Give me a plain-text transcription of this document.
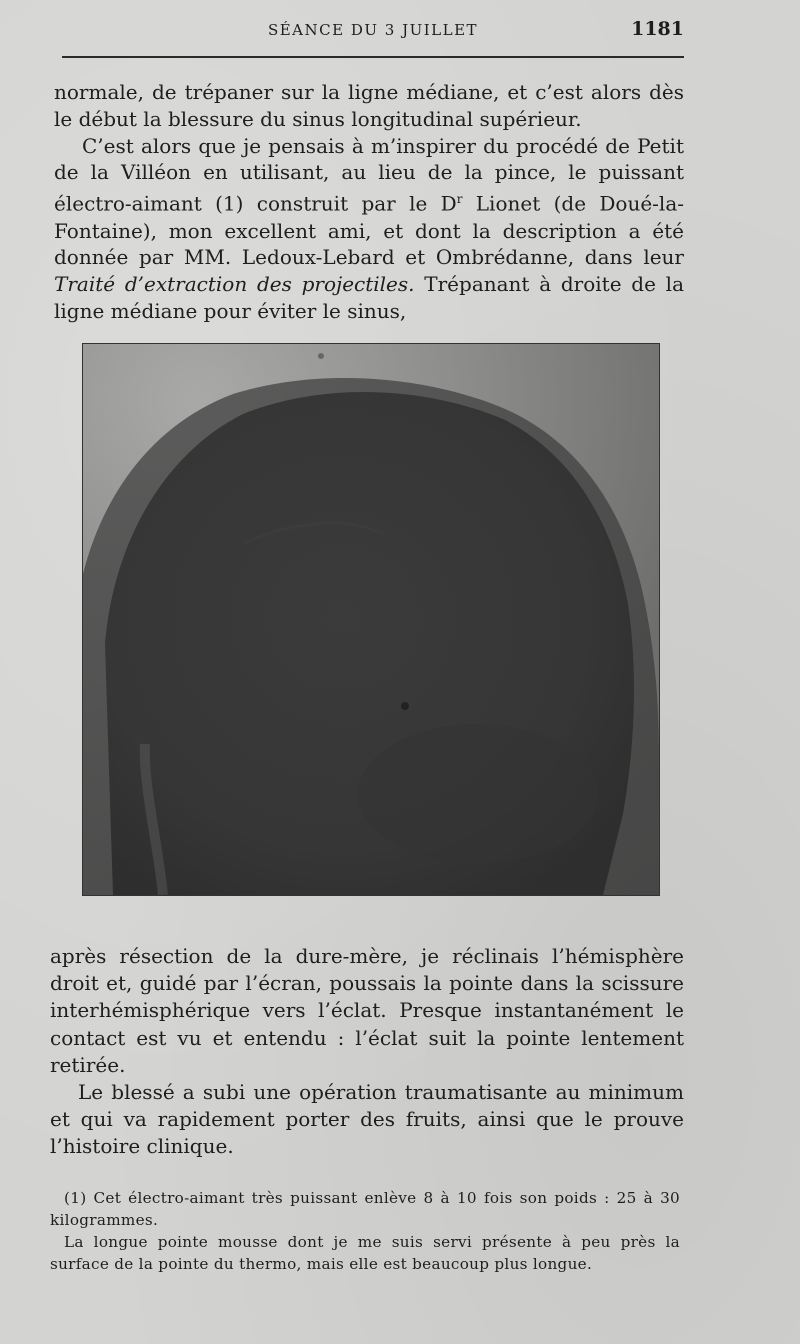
SÉANCE DU 3 JUILLET	1181

normale, de trépaner sur la ligne médiane, et c’est alors dès le début la blessure du sinus longitudinal supérieur.

C’est alors que je pensais à m’inspirer du procédé de Petit de la Villéon en utilisant, au lieu de la pince, le puissant électro-aimant (1) construit par le $D^r$ Lionet (de Doué-la-Fontaine), mon excellent ami, et dont la description a été donnée par MM. Ledoux-Lebard et Ombrédanne, dans leur Traité d’extraction des projectiles. Trépanant à droite de la ligne médiane pour éviter le sinus,

après résection de la dure-mère, je réclinais l’hémisphère droit et, guidé par l’écran, poussais la pointe dans la scissure interhémisphérique vers l’éclat. Presque instantanément le contact est vu et entendu : l’éclat suit la pointe lentement retirée.

Le blessé a subi une opération traumatisante au minimum et qui va rapidement porter des fruits, ainsi que le prouve l’histoire clinique.

(1) Cet électro-aimant très puissant enlève 8 à 10 fois son poids : 25 à 30 kilogrammes.

La longue pointe mousse dont je me suis servi présente à peu près la surface de la pointe du thermo, mais elle est beaucoup plus longue.
